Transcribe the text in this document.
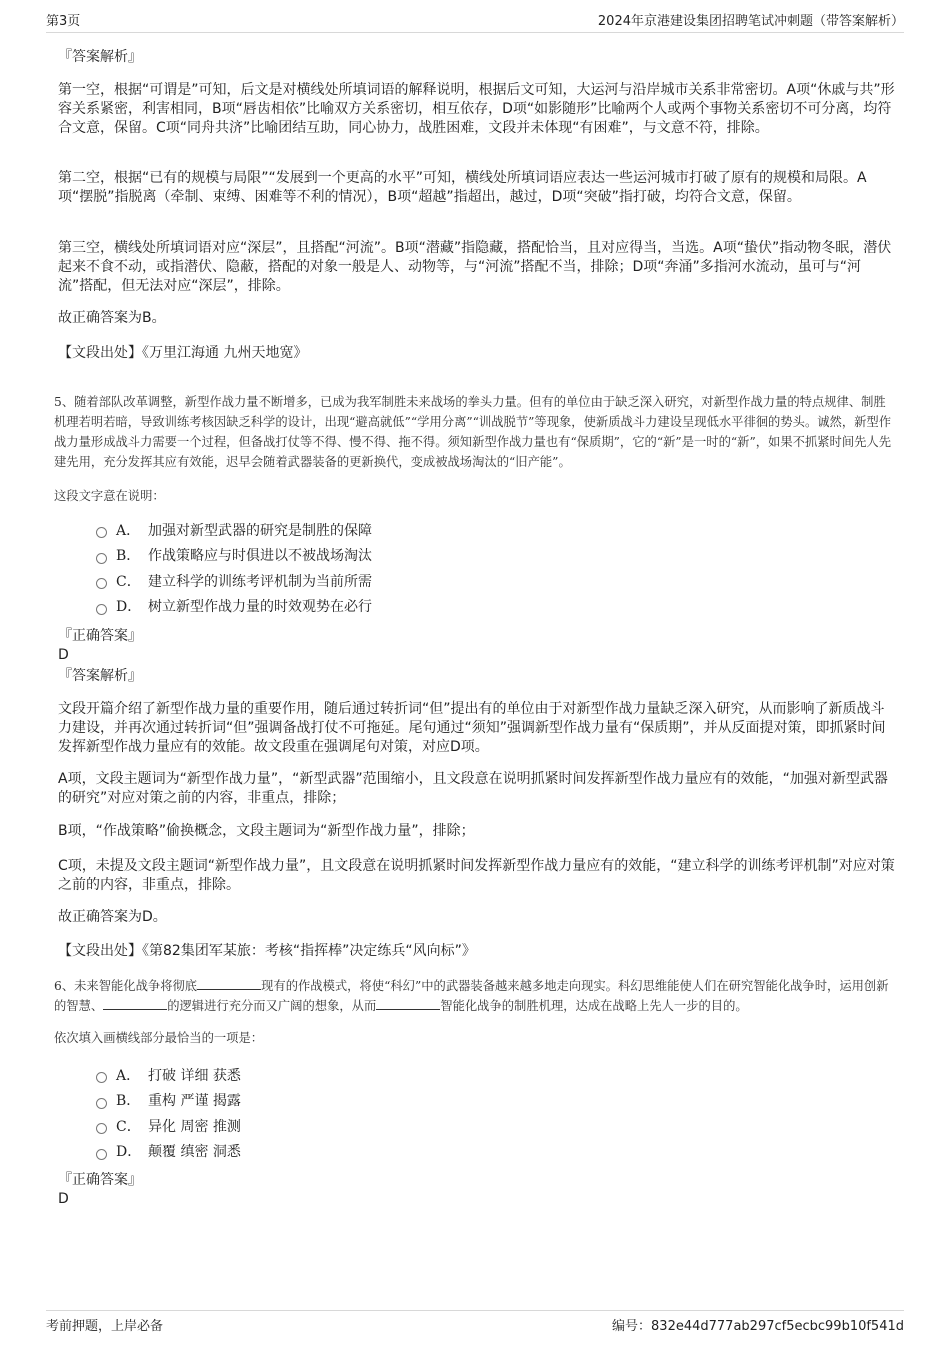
第3页	2024年京港建设集团招聘笔试冲刺题（带答案解析）
『答案解析』

第一空，根据“可谓是”可知，后文是对横线处所填词语的解释说明，根据后文可知，大运河与沿岸城市关系非常密切。A项“休戚与共”形容关系紧密，利害相同，B项“唇齿相依”比喻双方关系密切，相互依存，D项“如影随形”比喻两个人或两个事物关系密切不可分离，均符合文意，保留。C项“同舟共济”比喻团结互助，同心协力，战胜困难，文段并未体现“有困难”，与文意不符，排除。

第二空，根据“已有的规模与局限”“发展到一个更高的水平”可知，横线处所填词语应表达一些运河城市打破了原有的规模和局限。A项“摆脱”指脱离（牵制、束缚、困难等不利的情况），B项“超越”指超出，越过，D项“突破”指打破，均符合文意，保留。

第三空，横线处所填词语对应“深层”，且搭配“河流”。B项“潜藏”指隐藏，搭配恰当，且对应得当，当选。A项“蛰伏”指动物冬眠，潜伏起来不食不动，或指潜伏、隐蔽，搭配的对象一般是人、动物等，与“河流”搭配不当，排除；D项“奔涌”多指河水流动，虽可与“河流”搭配，但无法对应“深层”，排除。

故正确答案为B。

【文段出处】《万里江海通 九州天地宽》

5、随着部队改革调整，新型作战力量不断增多，已成为我军制胜未来战场的拳头力量。但有的单位由于缺乏深入研究，对新型作战力量的特点规律、制胜机理若明若暗，导致训练考核因缺乏科学的设计，出现“避高就低”“学用分离”“训战脱节”等现象，使新质战斗力建设呈现低水平徘徊的势头。诚然，新型作战力量形成战斗力需要一个过程，但备战打仗等不得、慢不得、拖不得。须知新型作战力量也有“保质期”，它的“新”是一时的“新”，如果不抓紧时间先人先建先用，充分发挥其应有效能，迟早会随着武器装备的更新换代，变成被战场淘汰的“旧产能”。

这段文字意在说明：

A． 加强对新型武器的研究是制胜的保障
B． 作战策略应与时俱进以不被战场淘汰
C． 建立科学的训练考评机制为当前所需
D． 树立新型作战力量的时效观势在必行
『正确答案』
D
『答案解析』

文段开篇介绍了新型作战力量的重要作用，随后通过转折词“但”提出有的单位由于对新型作战力量缺乏深入研究，从而影响了新质战斗力建设，并再次通过转折词“但”强调备战打仗不可拖延。尾句通过“须知”强调新型作战力量有“保质期”，并从反面提对策，即抓紧时间发挥新型作战力量应有的效能。故文段重在强调尾句对策，对应D项。

A项，文段主题词为“新型作战力量”，“新型武器”范围缩小，且文段意在说明抓紧时间发挥新型作战力量应有的效能，“加强对新型武器的研究”对应对策之前的内容，非重点，排除；

B项，“作战策略”偷换概念，文段主题词为“新型作战力量”，排除；

C项，未提及文段主题词“新型作战力量”，且文段意在说明抓紧时间发挥新型作战力量应有的效能，“建立科学的训练考评机制”对应对策之前的内容，非重点，排除。

故正确答案为D。

【文段出处】《第82集团军某旅：考核“指挥棒”决定练兵“风向标”》

6、未来智能化战争将彻底	现有的作战模式，将使“科幻”中的武器装备越来越多地走向现实。科幻思维能使人们在研究智能化战争时，运用创新的智慧、	的逻辑进行充分而又广阔的想象，从而	智能化战争的制胜机理，达成在战略上先人一步的目的。

依次填入画横线部分最恰当的一项是：

A． 打破 详细 获悉
B． 重构 严谨 揭露
C． 异化 周密 推测
D． 颠覆 缜密 洞悉
『正确答案』
D
考前押题，上岸必备	编号：832e44d777ab297cf5ecbc99b10f541d
